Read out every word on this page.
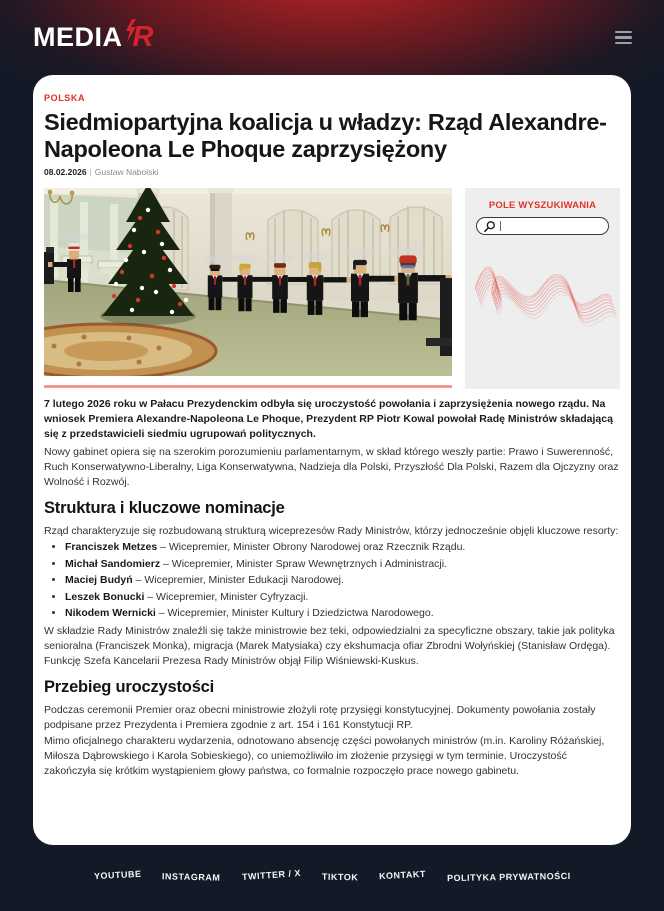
MEDIA R
POLSKA
Siedmiopartyjna koalicja u władzy: Rząd Alexandre-Napoleona Le Phoque zaprzysiężony
08.02.2026 | Gustaw Nabolski
POLE WYSZUKIWANIA

7 lutego 2026 roku w Pałacu Prezydenckim odbyła się uroczystość powołania i zaprzysiężenia nowego rządu. Na wniosek Premiera Alexandre-Napoleona Le Phoque, Prezydent RP Piotr Kowal powołał Radę Ministrów składającą się z przedstawicieli siedmiu ugrupowań politycznych.

Nowy gabinet opiera się na szerokim porozumieniu parlamentarnym, w skład którego weszły partie: Prawo i Suwerenność, Ruch Konserwatywno-Liberalny, Liga Konserwatywna, Nadzieja dla Polski, Przyszłość Dla Polski, Razem dla Ojczyzny oraz Wolność i Rozwój.

Struktura i kluczowe nominacje

Rząd charakteryzuje się rozbudowaną strukturą wiceprezesów Rady Ministrów, którzy jednocześnie objęli kluczowe resorty:

• Franciszek Metzes – Wicepremier, Minister Obrony Narodowej oraz Rzecznik Rządu.
• Michał Sandomierz – Wicepremier, Minister Spraw Wewnętrznych i Administracji.
• Maciej Budyń – Wicepremier, Minister Edukacji Narodowej.
• Leszek Bonucki – Wicepremier, Minister Cyfryzacji.
• Nikodem Wernicki – Wicepremier, Minister Kultury i Dziedzictwa Narodowego.

W składzie Rady Ministrów znaleźli się także ministrowie bez teki, odpowiedzialni za specyficzne obszary, takie jak polityka senioralna (Franciszek Monka), migracja (Marek Matysiaka) czy ekshumacja ofiar Zbrodni Wołyńskiej (Stanisław Ordęga). Funkcję Szefa Kancelarii Prezesa Rady Ministrów objął Filip Wiśniewski-Kuskus.

Przebieg uroczystości

Podczas ceremonii Premier oraz obecni ministrowie złożyli rotę przysięgi konstytucyjnej. Dokumenty powołania zostały podpisane przez Prezydenta i Premiera zgodnie z art. 154 i 161 Konstytucji RP.

Mimo oficjalnego charakteru wydarzenia, odnotowano absencję części powołanych ministrów (m.in. Karoliny Różańskiej, Miłosza Dąbrowskiego i Karola Sobieskiego), co uniemożliwiło im złożenie przysięgi w tym terminie. Uroczystość zakończyła się krótkim wystąpieniem głowy państwa, co formalnie rozpoczęło prace nowego gabinetu.

YOUTUBE INSTAGRAM TWITTER / X TIKTOK KONTAKT POLITYKA PRYWATNOŚCI
